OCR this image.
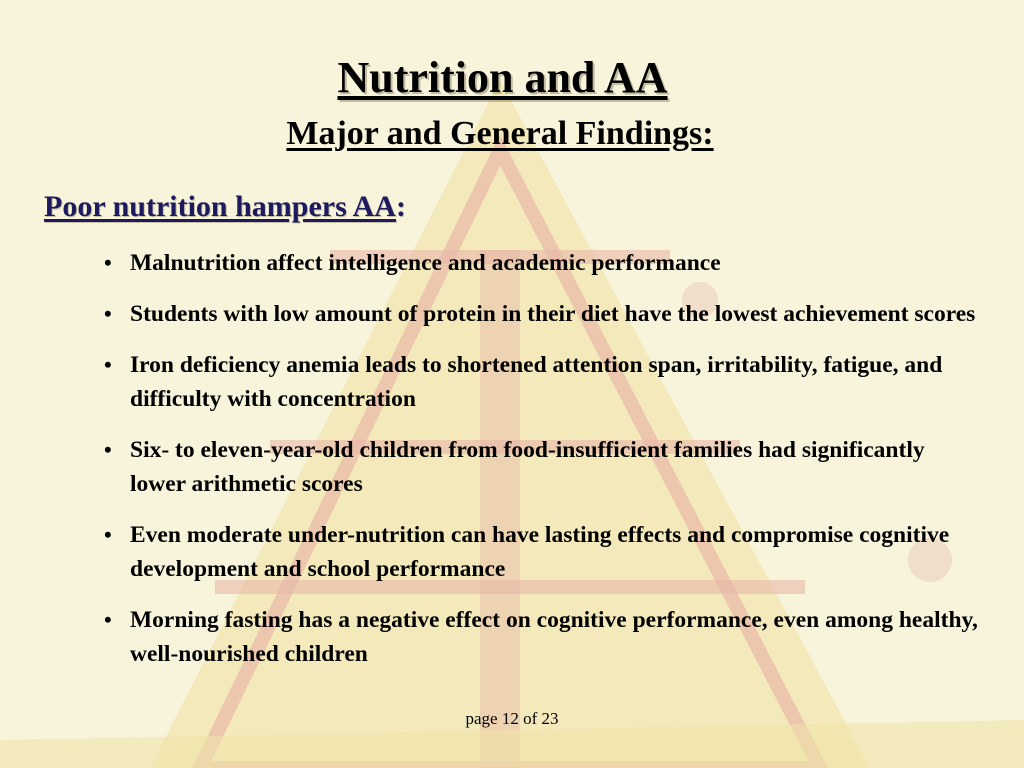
Nutrition and AA
Major and General Findings:
Poor nutrition hampers AA:
• Malnutrition affect intelligence and academic performance
• Students with low amount of protein in their diet have the lowest achievement scores
• Iron deficiency anemia leads to shortened attention span, irritability, fatigue, and difficulty with concentration
• Six- to eleven-year-old children from food-insufficient families had significantly lower arithmetic scores
• Even moderate under-nutrition can have lasting effects and compromise cognitive development and school performance
• Morning fasting has a negative effect on cognitive performance, even among healthy, well-nourished children
page 12 of 23
